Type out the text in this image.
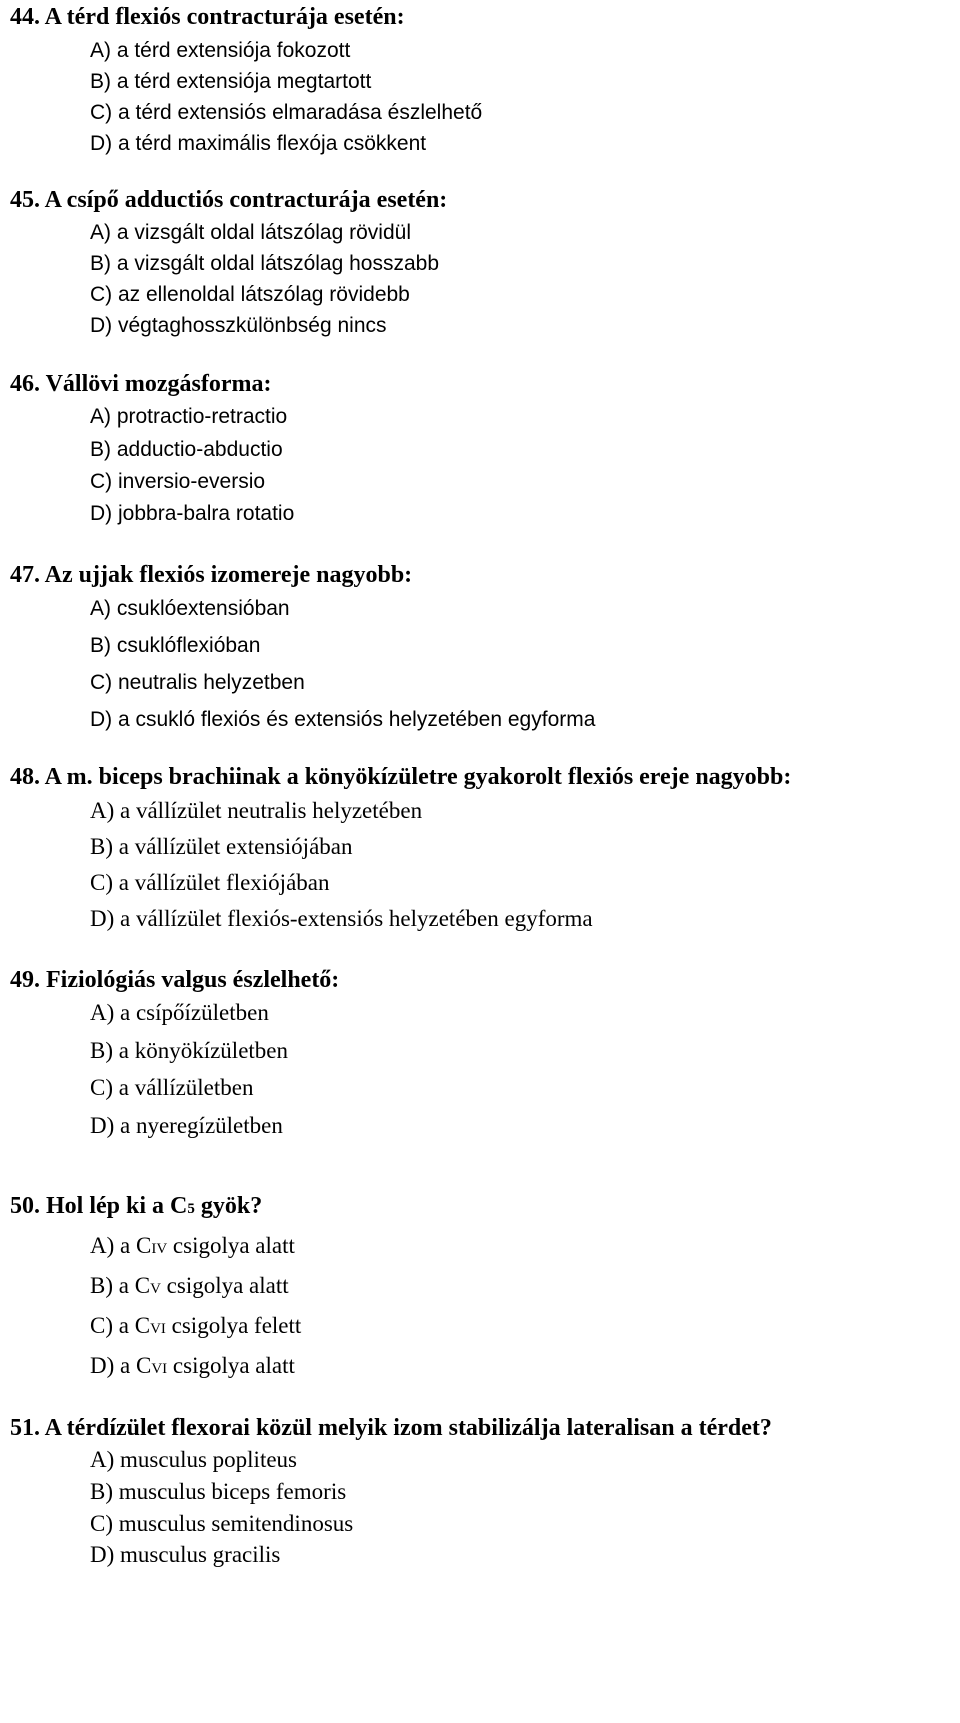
44. A térd flexiós contracturája esetén:
A) a térd extensiója fokozott
B) a térd extensiója megtartott
C) a térd extensiós elmaradása észlelhető
D) a térd maximális flexója csökkent
45. A csípő adductiós contracturája esetén:
A) a vizsgált oldal látszólag rövidül
B) a vizsgált oldal látszólag hosszabb
C) az ellenoldal látszólag rövidebb
D) végtaghosszkülönbség nincs
46. Vállövi mozgásforma:
A) protractio-retractio
B) adductio-abductio
C) inversio-eversio
D) jobbra-balra rotatio
47. Az ujjak flexiós izomereje nagyobb:
A) csuklóextensióban
B) csuklóflexióban
C) neutralis helyzetben
D) a csukló flexiós és extensiós helyzetében egyforma
48. A m. biceps brachiinak a könyökízületre gyakorolt flexiós ereje nagyobb:
A) a vállízület neutralis helyzetében
B) a vállízület extensiójában
C) a vállízület flexiójában
D) a vállízület flexiós-extensiós helyzetében egyforma
49. Fiziológiás valgus észlelhető:
A) a csípőízületben
B) a könyökízületben
C) a vállízületben
D) a nyeregízületben
50. Hol lép ki a C5 gyök?
A) a CIV csigolya alatt
B) a CV csigolya alatt
C) a CVI csigolya felett
D) a CVI csigolya alatt
51. A térdízület flexorai közül melyik izom stabilizálja lateralisan a térdet?
A) musculus popliteus
B) musculus biceps femoris
C) musculus semitendinosus
D) musculus gracilis
